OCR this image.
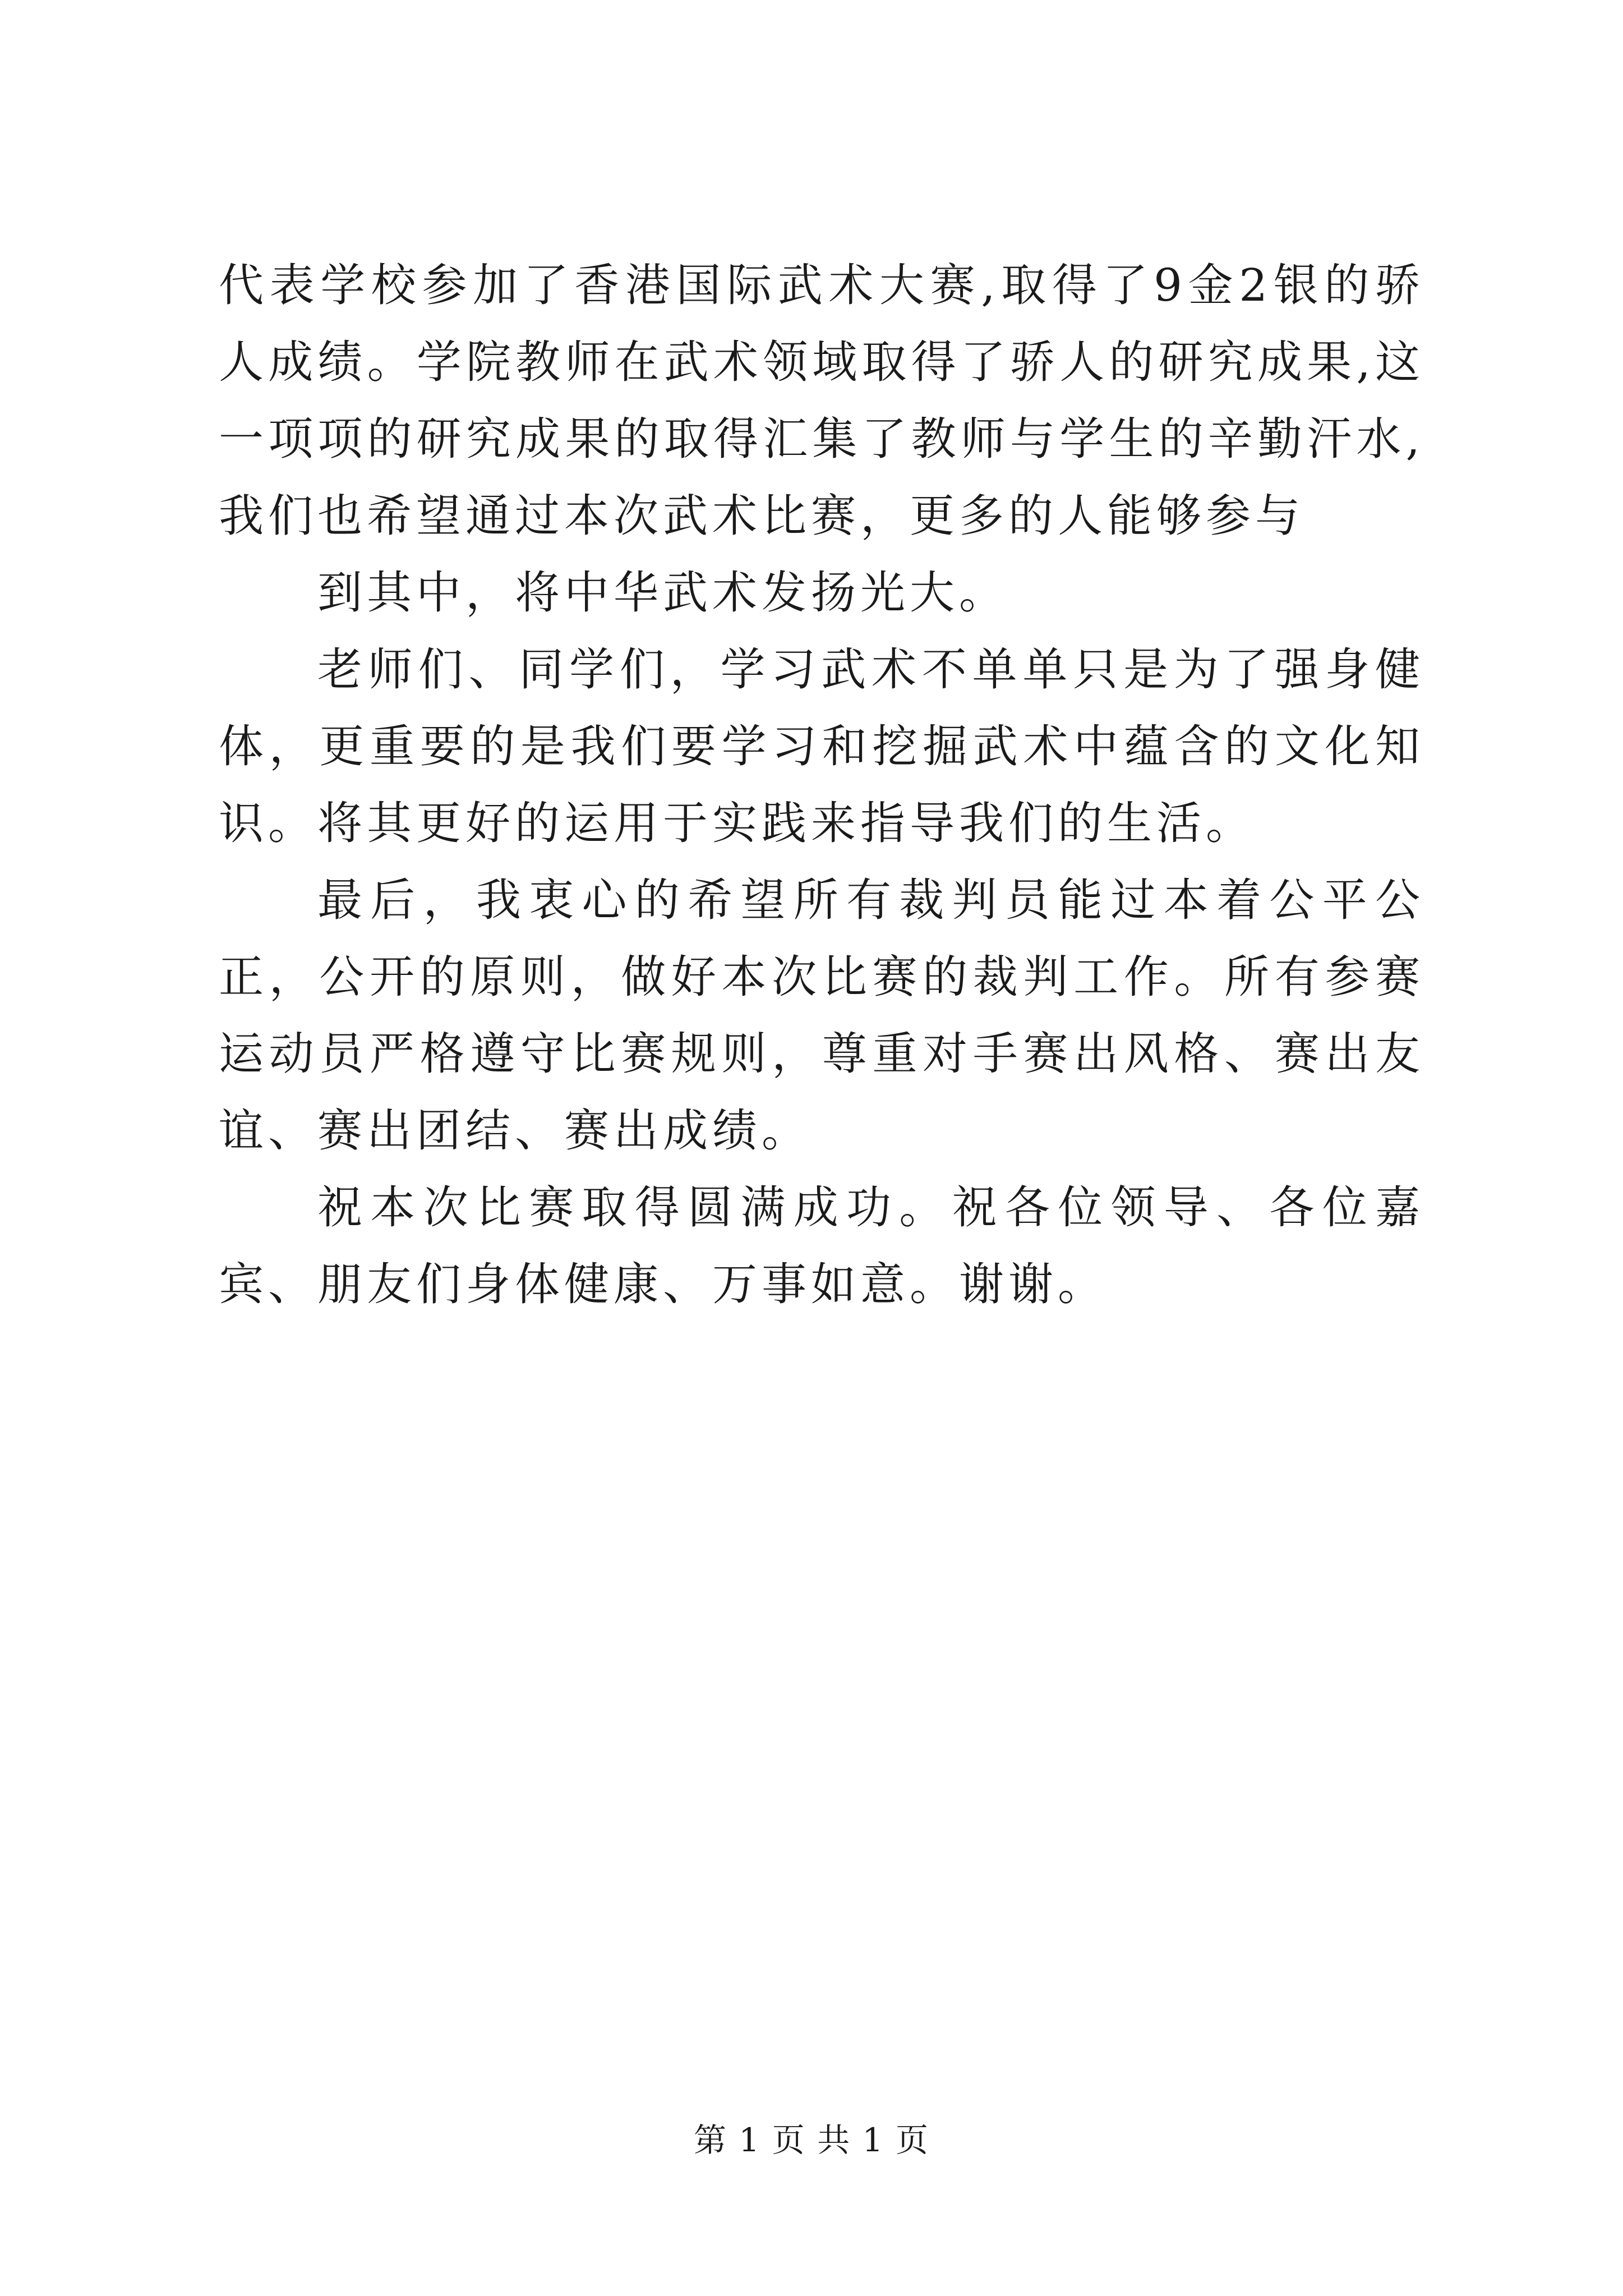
代表学校参加了香港国际武术大赛,取得了9金2银的骄人成绩。学院教师在武术领域取得了骄人的研究成果,这一项项的研究成果的取得汇集了教师与学生的辛勤汗水,我们也希望通过本次武术比赛，更多的人能够参与

到其中，将中华武术发扬光大。

老师们、同学们，学习武术不单单只是为了强身健体，更重要的是我们要学习和挖掘武术中蕴含的文化知识。将其更好的运用于实践来指导我们的生活。

最后，我衷心的希望所有裁判员能过本着公平公正，公开的原则，做好本次比赛的裁判工作。所有参赛运动员严格遵守比赛规则，尊重对手赛出风格、赛出友谊、赛出团结、赛出成绩。

祝本次比赛取得圆满成功。祝各位领导、各位嘉宾、朋友们身体健康、万事如意。谢谢。

第 1 页 共 1 页
